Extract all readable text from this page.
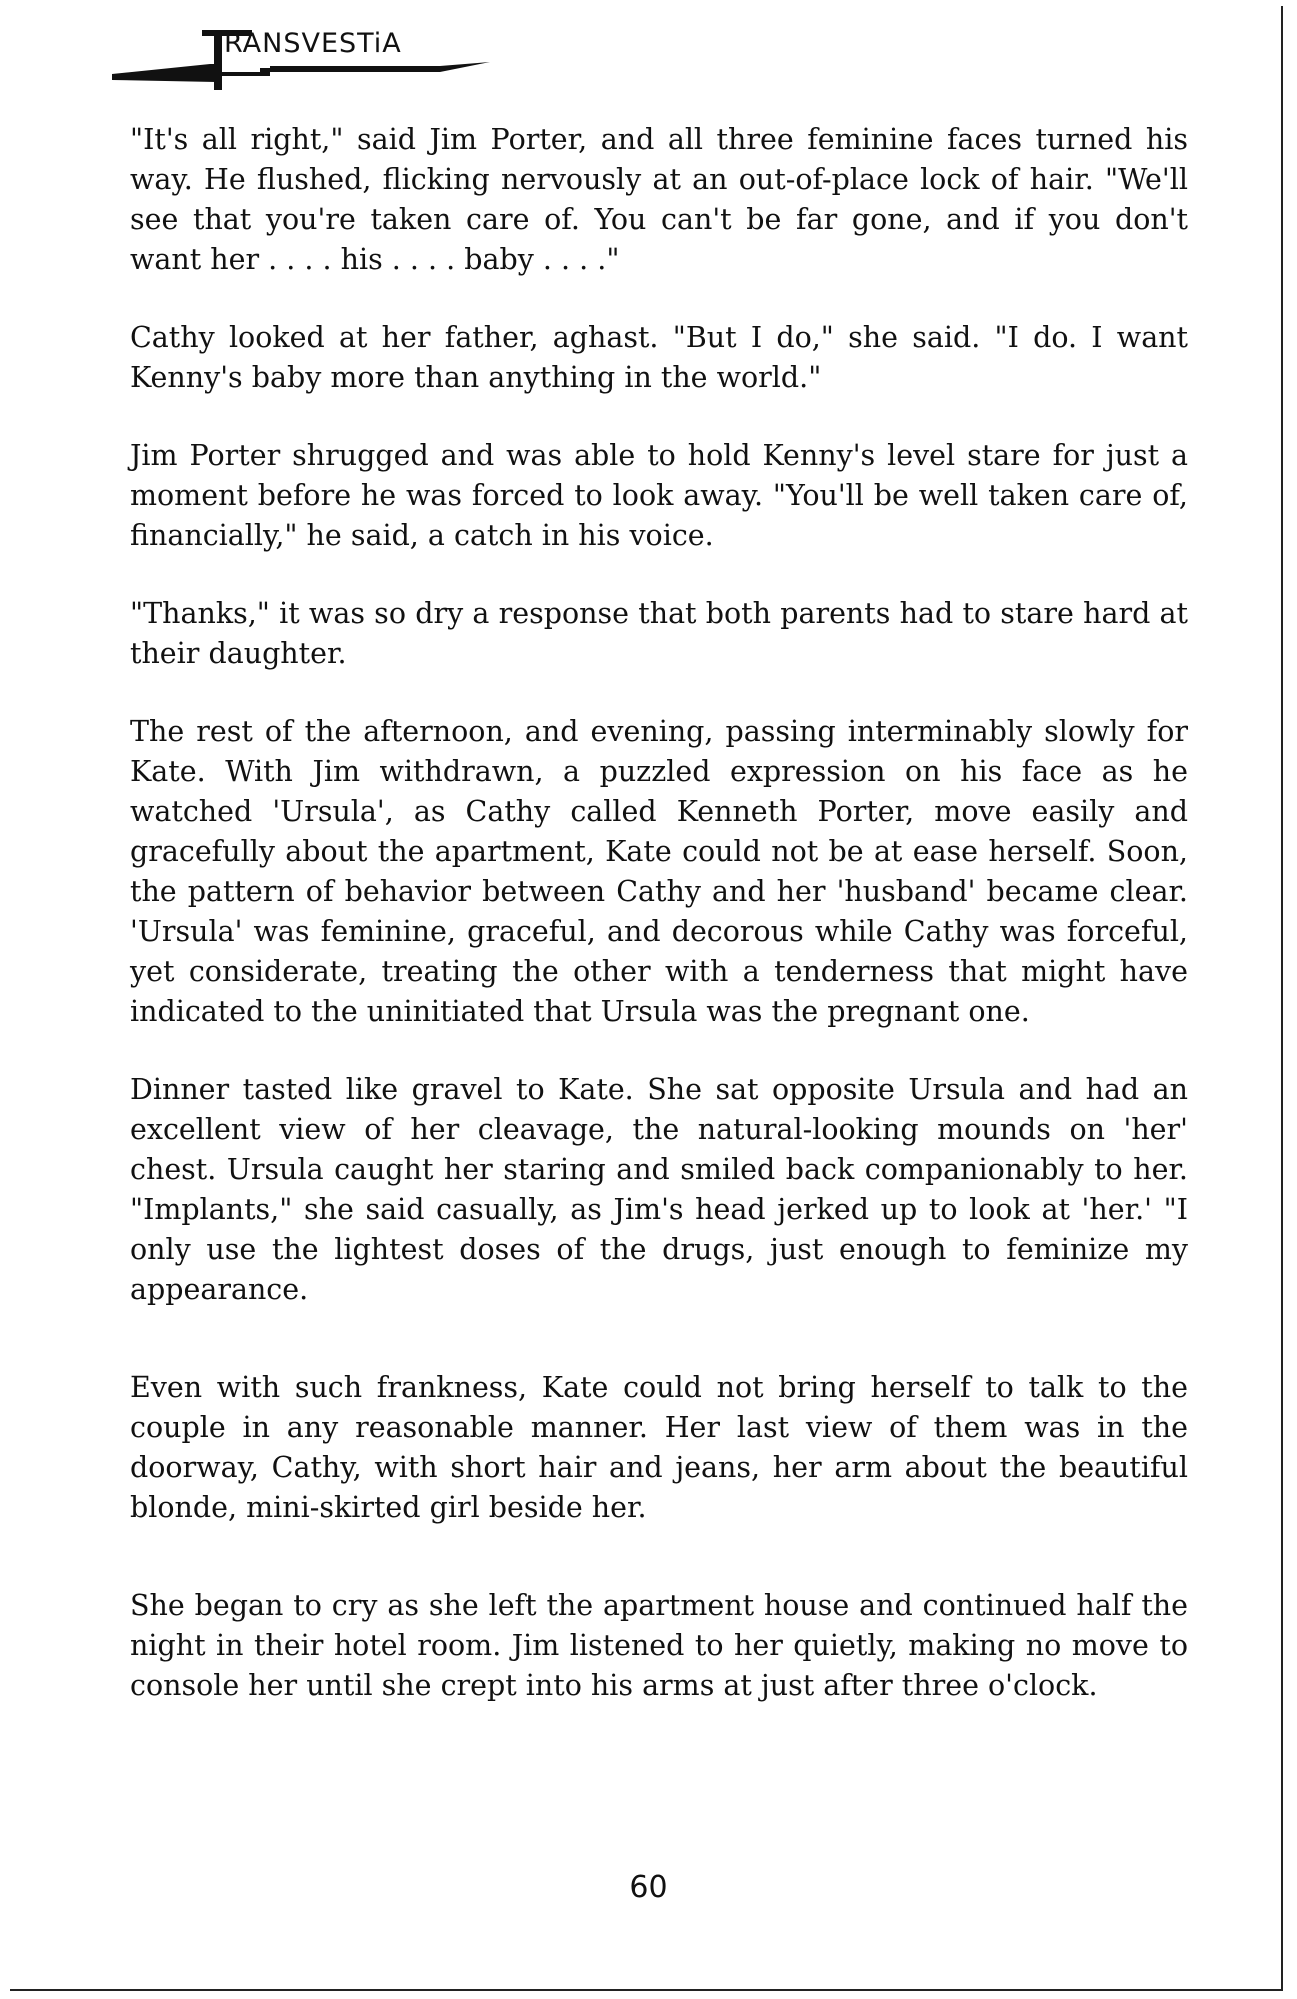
RANSVESTiA

"It's all right," said Jim Porter, and all three feminine faces turned his way. He flushed, flicking nervously at an out-of-place lock of hair. "We'll see that you're taken care of. You can't be far gone, and if you don't want her . . . . his . . . . baby . . . ."

Cathy looked at her father, aghast. "But I do," she said. "I do. I want Kenny's baby more than anything in the world."

Jim Porter shrugged and was able to hold Kenny's level stare for just a moment before he was forced to look away. "You'll be well taken care of, financially," he said, a catch in his voice.

"Thanks," it was so dry a response that both parents had to stare hard at their daughter.

The rest of the afternoon, and evening, passing interminably slowly for Kate. With Jim withdrawn, a puzzled expression on his face as he watched 'Ursula', as Cathy called Kenneth Porter, move easily and gracefully about the apartment, Kate could not be at ease herself. Soon, the pattern of behavior between Cathy and her 'husband' became clear. 'Ursula' was feminine, graceful, and decorous while Cathy was forceful, yet considerate, treating the other with a tenderness that might have indicated to the uninitiated that Ursula was the pregnant one.

Dinner tasted like gravel to Kate. She sat opposite Ursula and had an excellent view of her cleavage, the natural-looking mounds on 'her' chest. Ursula caught her staring and smiled back companionably to her. "Implants," she said casually, as Jim's head jerked up to look at 'her.' "I only use the lightest doses of the drugs, just enough to feminize my appearance.

Even with such frankness, Kate could not bring herself to talk to the couple in any reasonable manner. Her last view of them was in the doorway, Cathy, with short hair and jeans, her arm about the beautiful blonde, mini-skirted girl beside her.

She began to cry as she left the apartment house and continued half the night in their hotel room. Jim listened to her quietly, making no move to console her until she crept into his arms at just after three o'clock.

60
